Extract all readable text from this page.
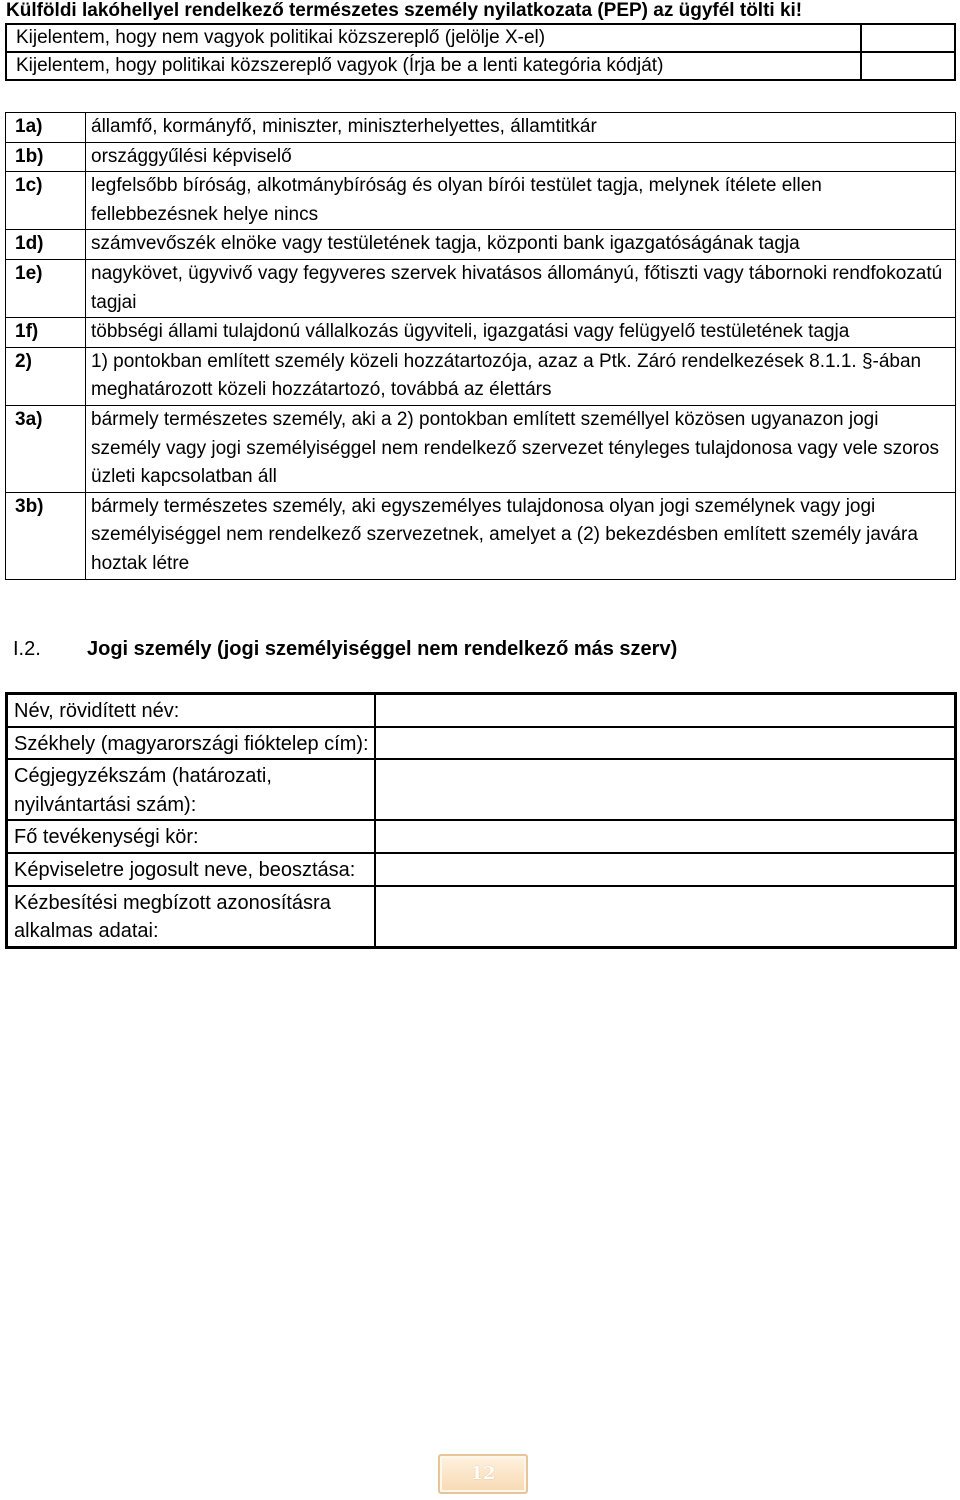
Külföldi lakóhellyel rendelkező természetes személy nyilatkozata (PEP) az ügyfél tölti ki!
Kijelentem, hogy nem vagyok politikai közszereplő (jelölje X-el)	
Kijelentem, hogy politikai közszereplő vagyok (Írja be a lenti kategória kódját)	
1a)	államfő, kormányfő, miniszter, miniszterhelyettes, államtitkár
1b)	országgyűlési képviselő
1c)	legfelsőbb bíróság, alkotmánybíróság és olyan bírói testület tagja, melynek ítélete ellen fellebbezésnek helye nincs
1d)	számvevőszék elnöke vagy testületének tagja, központi bank igazgatóságának tagja
1e)	nagykövet, ügyvivő vagy fegyveres szervek hivatásos állományú, főtiszti vagy tábornoki rendfokozatú tagjai
1f)	többségi állami tulajdonú vállalkozás ügyviteli, igazgatási vagy felügyelő testületének tagja
2)	1) pontokban említett személy közeli hozzátartozója, azaz a Ptk. Záró rendelkezések 8.1.1. §-ában meghatározott közeli hozzátartozó, továbbá az élettárs
3a)	bármely természetes személy, aki a 2) pontokban említett személlyel közösen ugyanazon jogi személy vagy jogi személyiséggel nem rendelkező szervezet tényleges tulajdonosa vagy vele szoros üzleti kapcsolatban áll
3b)	bármely természetes személy, aki egyszemélyes tulajdonosa olyan jogi személynek vagy jogi személyiséggel nem rendelkező szervezetnek, amelyet a (2) bekezdésben említett személy javára hoztak létre
I.2. Jogi személy (jogi személyiséggel nem rendelkező más szerv)
Név, rövidített név:	
Székhely (magyarországi fióktelep cím):	
Cégjegyzékszám (határozati, nyilvántartási szám):	
Fő tevékenységi kör:	
Képviseletre jogosult neve, beosztása:	
Kézbesítési megbízott azonosításra alkalmas adatai:	
12
